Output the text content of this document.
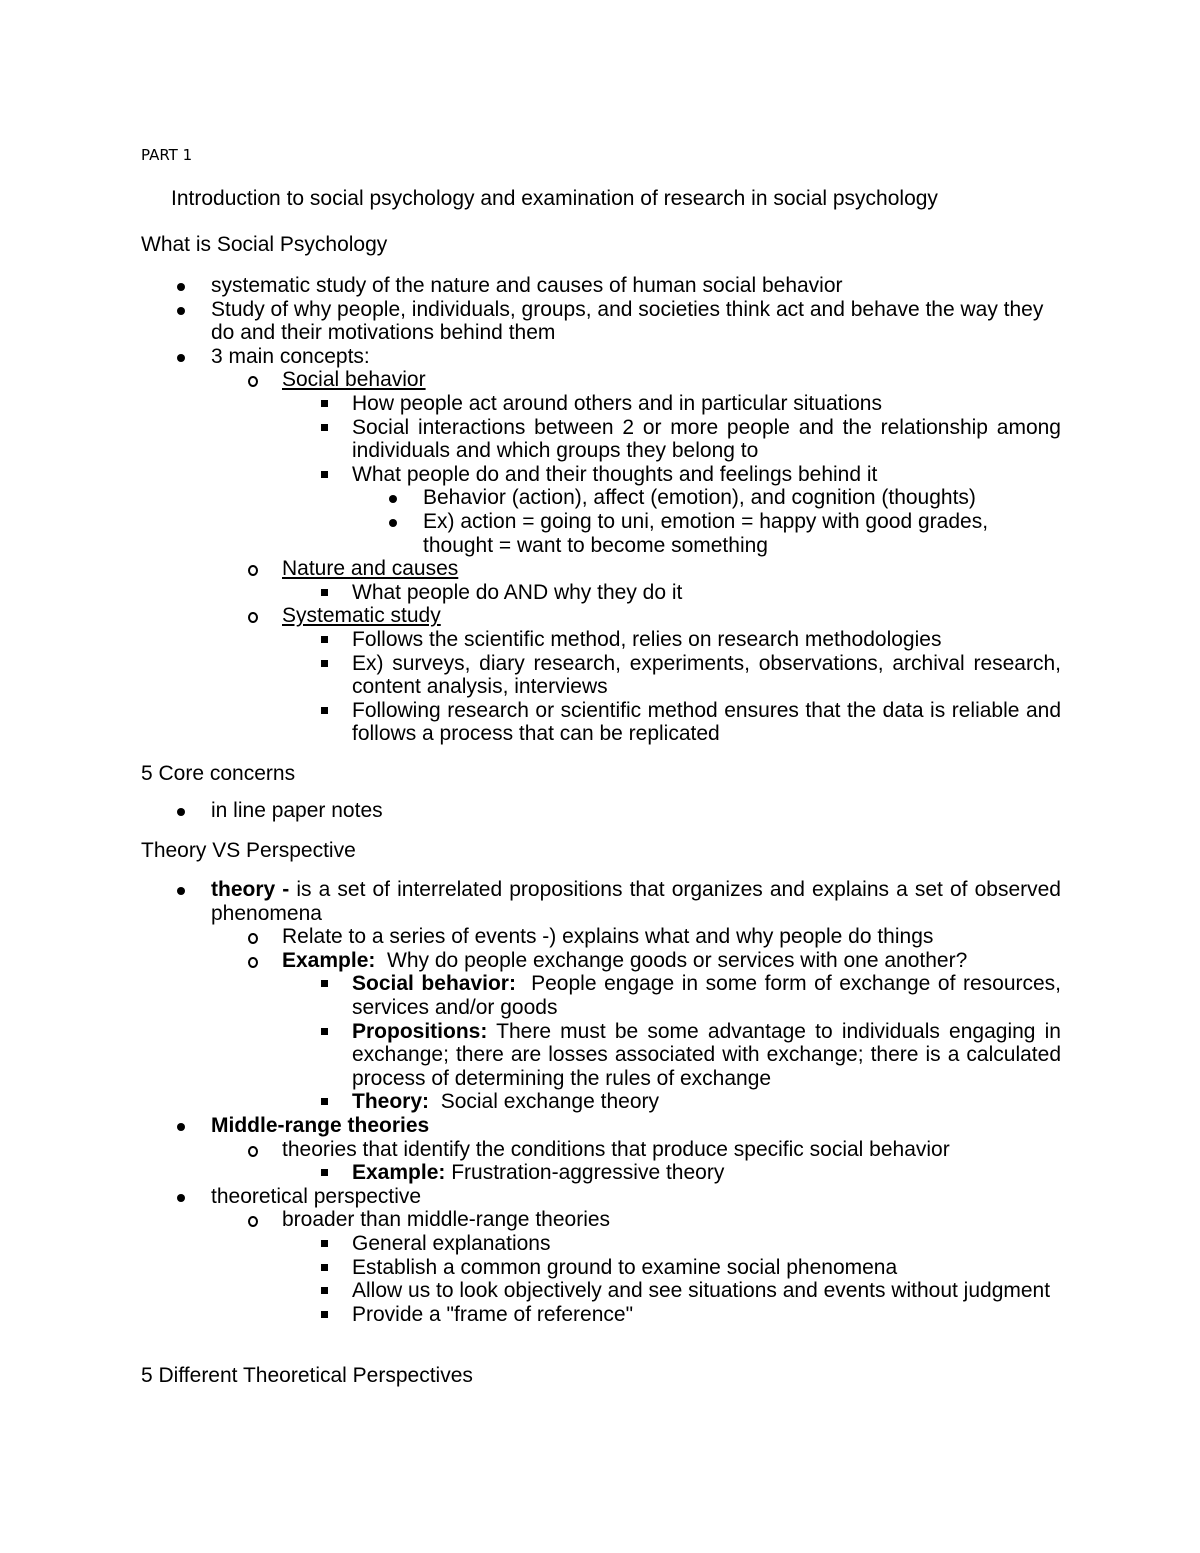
PART 1

Introduction to social psychology and examination of research in social psychology
What is Social Psychology
systematic study of the nature and causes of human social behavior
Study of why people, individuals, groups, and societies think act and behave the way they do and their motivations behind them
3 main concepts:
Social behavior
How people act around others and in particular situations
Social interactions between 2 or more people and the relationship among individuals and which groups they belong to
What people do and their thoughts and feelings behind it
Behavior (action), affect (emotion), and cognition (thoughts)
Ex) action = going to uni, emotion = happy with good grades, thought = want to become something
Nature and causes
What people do AND why they do it
Systematic study
Follows the scientific method, relies on research methodologies
Ex) surveys, diary research, experiments, observations, archival research, content analysis, interviews
Following research or scientific method ensures that the data is reliable and follows a process that can be replicated
5 Core concerns
in line paper notes
Theory VS Perspective
theory - is a set of interrelated propositions that organizes and explains a set of observed phenomena
Relate to a series of events -) explains what and why people do things
Example: Why do people exchange goods or services with one another?
Social behavior: People engage in some form of exchange of resources, services and/or goods
Propositions: There must be some advantage to individuals engaging in exchange; there are losses associated with exchange; there is a calculated process of determining the rules of exchange
Theory: Social exchange theory
Middle-range theories
theories that identify the conditions that produce specific social behavior
Example: Frustration-aggressive theory
theoretical perspective
broader than middle-range theories
General explanations
Establish a common ground to examine social phenomena
Allow us to look objectively and see situations and events without judgment
Provide a "frame of reference"
5 Different Theoretical Perspectives
